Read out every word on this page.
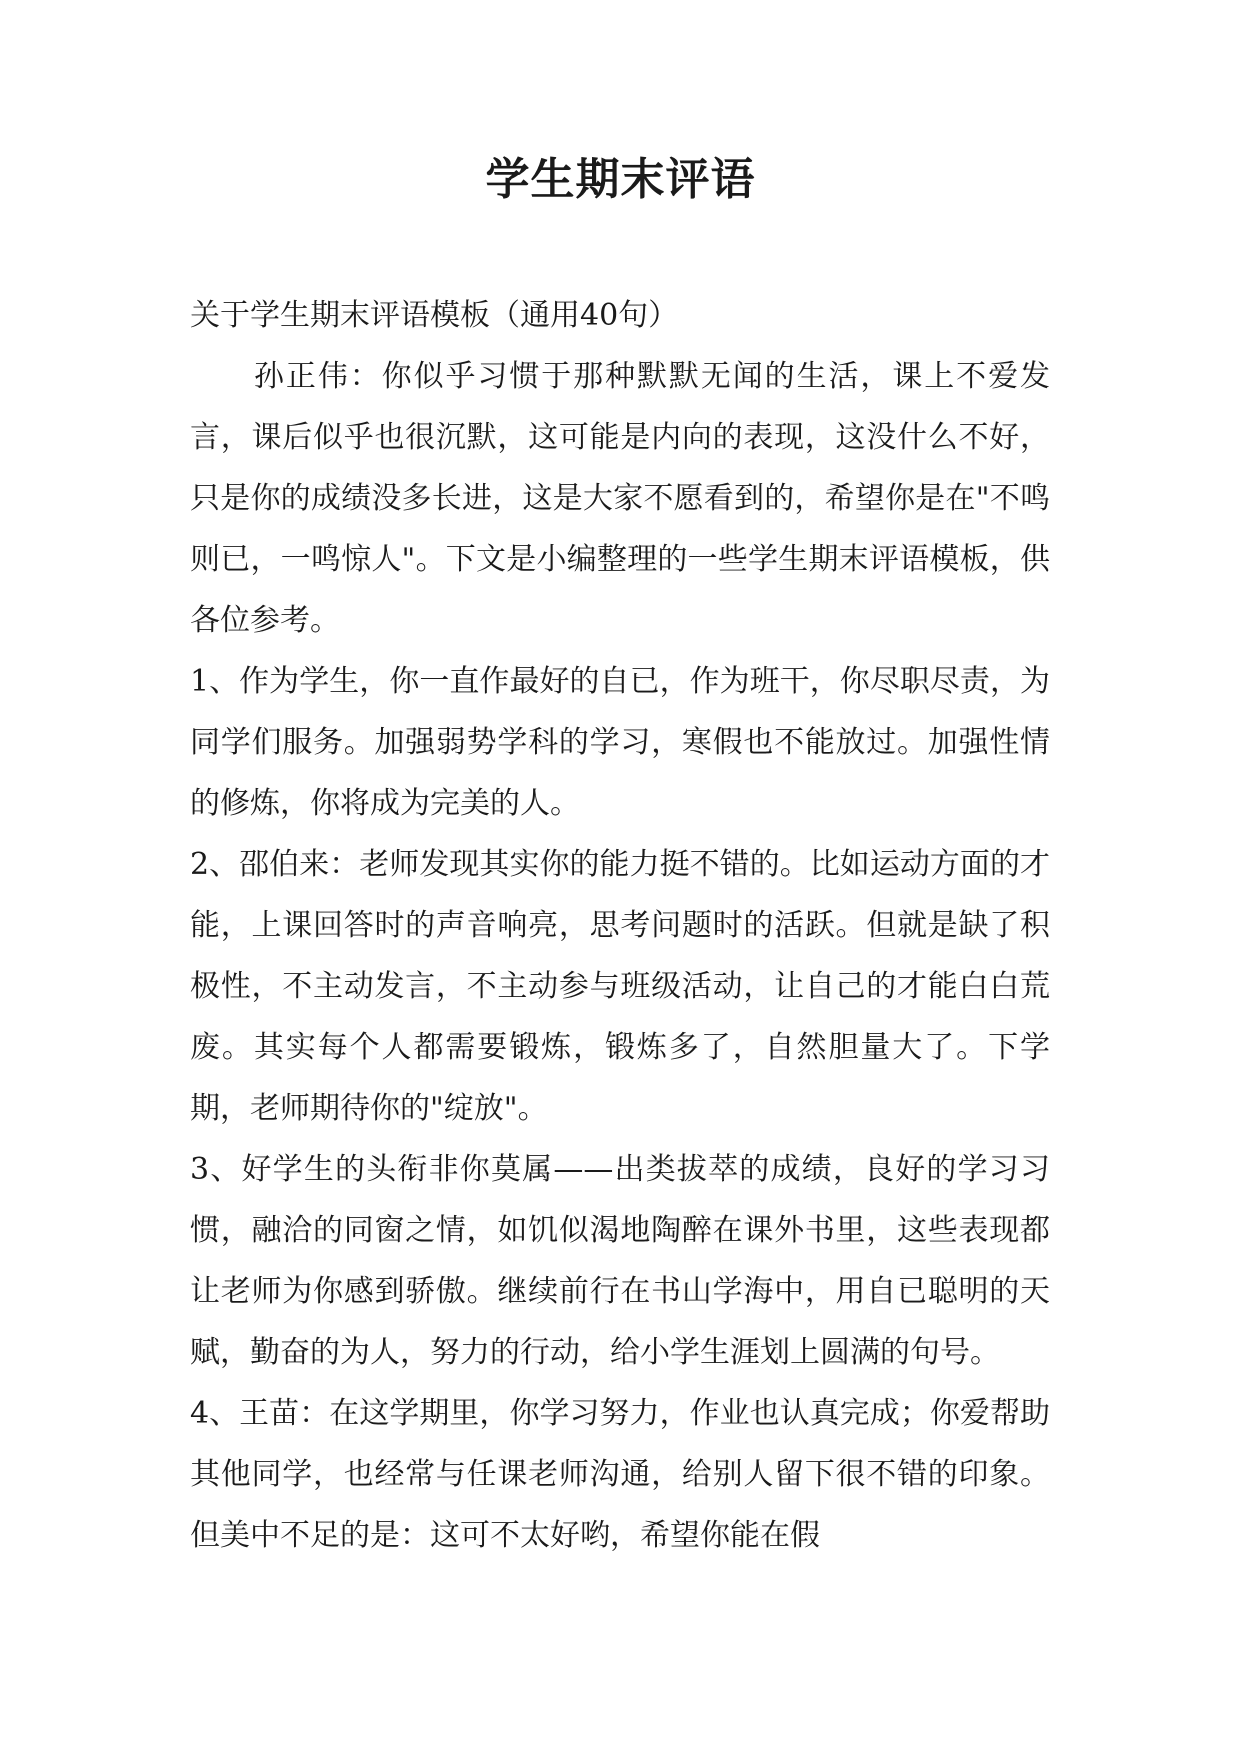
学生期末评语

关于学生期末评语模板（通用40句）

孙正伟：你似乎习惯于那种默默无闻的生活，课上不爱发言，课后似乎也很沉默，这可能是内向的表现，这没什么不好，只是你的成绩没多长进，这是大家不愿看到的，希望你是在"不鸣则已，一鸣惊人"。下文是小编整理的一些学生期末评语模板，供各位参考。

1、作为学生，你一直作最好的自已，作为班干，你尽职尽责，为同学们服务。加强弱势学科的学习，寒假也不能放过。加强性情的修炼，你将成为完美的人。

2、邵伯来：老师发现其实你的能力挺不错的。比如运动方面的才能，上课回答时的声音响亮，思考问题时的活跃。但就是缺了积极性，不主动发言，不主动参与班级活动，让自己的才能白白荒废。其实每个人都需要锻炼，锻炼多了，自然胆量大了。下学期，老师期待你的"绽放"。

3、好学生的头衔非你莫属——出类拔萃的成绩，良好的学习习惯，融洽的同窗之情，如饥似渴地陶醉在课外书里，这些表现都让老师为你感到骄傲。继续前行在书山学海中，用自已聪明的天赋，勤奋的为人，努力的行动，给小学生涯划上圆满的句号。

4、王苗：在这学期里，你学习努力，作业也认真完成；你爱帮助其他同学，也经常与任课老师沟通，给别人留下很不错的印象。但美中不足的是：这可不太好哟，希望你能在假
